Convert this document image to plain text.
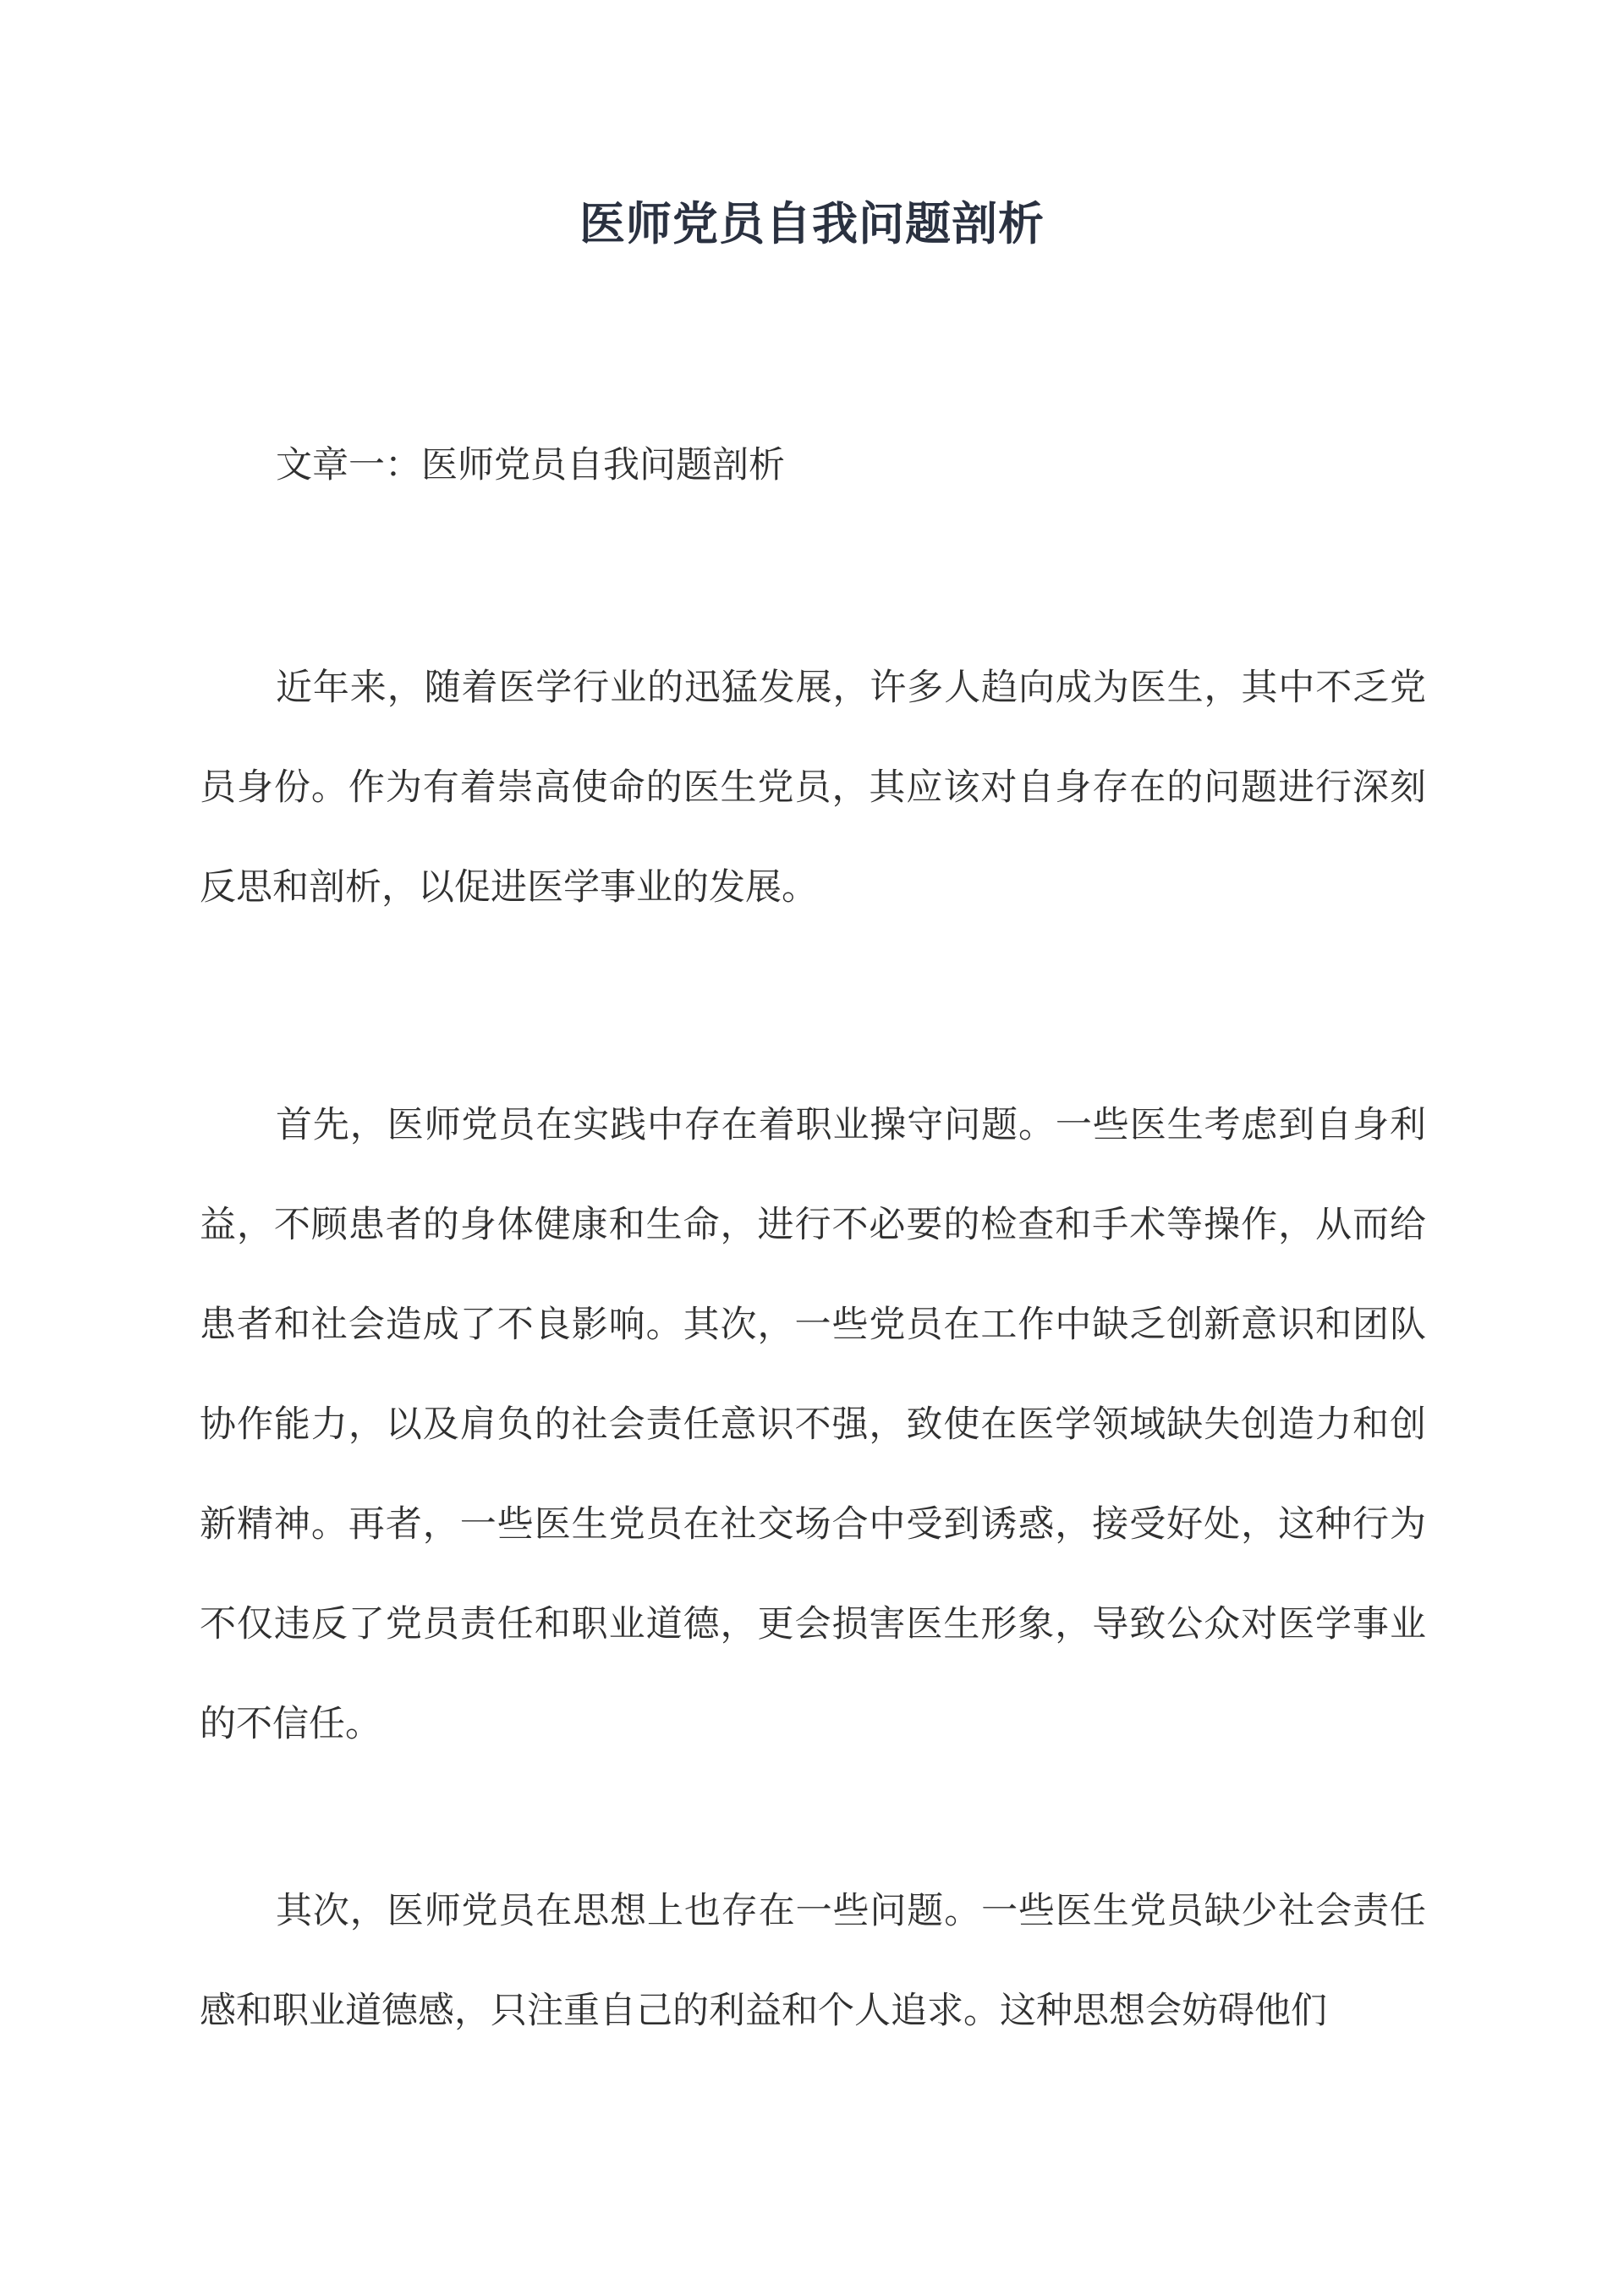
医师党员自我问题剖析
文章一：医师党员自我问题剖析

近年来，随着医学行业的迅猛发展，许多人趋向成为医生，其中不乏党员身份。作为有着崇高使命的医生党员，其应该对自身存在的问题进行深刻反思和剖析，以促进医学事业的发展。

首先，医师党员在实践中存在着职业操守问题。一些医生考虑到自身利益，不顾患者的身体健康和生命，进行不必要的检查和手术等操作，从而给患者和社会造成了不良影响。其次，一些党员在工作中缺乏创新意识和团队协作能力，以及肩负的社会责任意识不强，致使在医学领域缺失创造力和创新精神。再者，一些医生党员在社交场合中受到诱惑，接受好处，这种行为不仅违反了党员责任和职业道德，更会损害医生形象，导致公众对医学事业的不信任。

其次，医师党员在思想上也存在一些问题。一些医生党员缺少社会责任感和职业道德感，只注重自己的利益和个人追求。这种思想会妨碍他们
